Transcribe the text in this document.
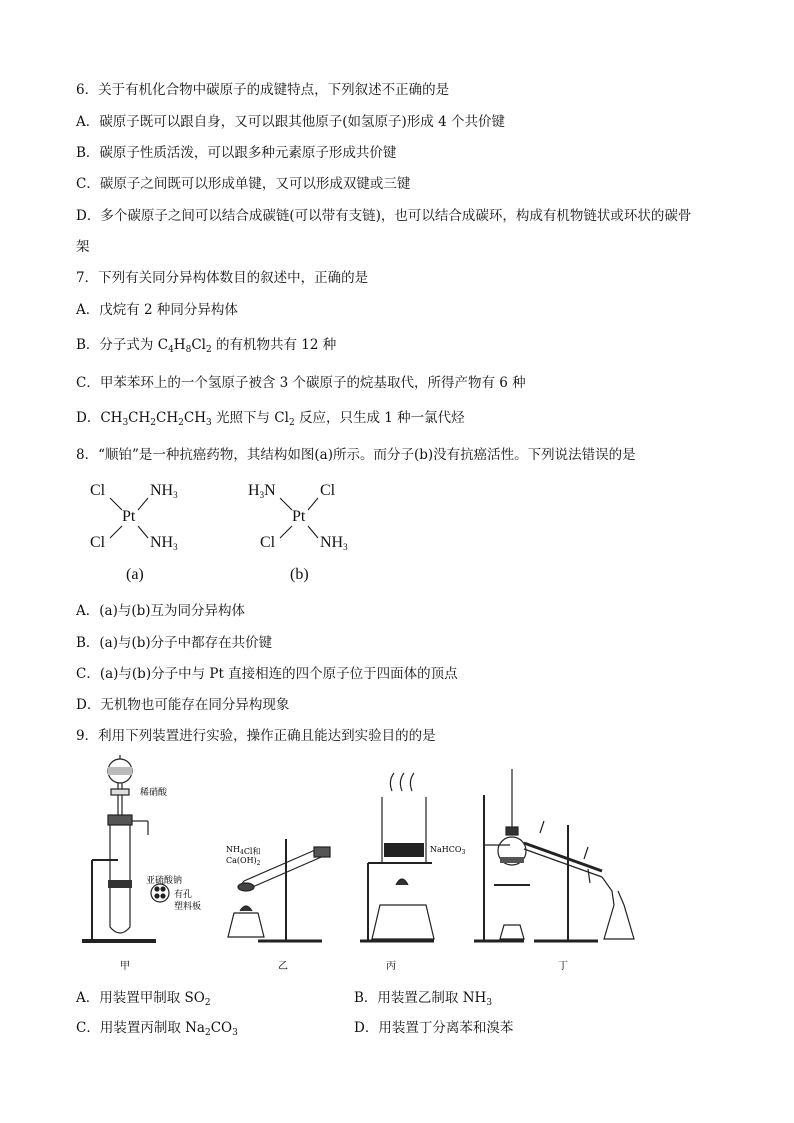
6．关于有机化合物中碳原子的成键特点，下列叙述不正确的是
A．碳原子既可以跟自身，又可以跟其他原子(如氢原子)形成 4 个共价键
B．碳原子性质活泼，可以跟多种元素原子形成共价键
C．碳原子之间既可以形成单键，又可以形成双键或三键
D．多个碳原子之间可以结合成碳链(可以带有支链)，也可以结合成碳环，构成有机物链状或环状的碳骨
架
7．下列有关同分异构体数目的叙述中，正确的是
A．戊烷有 2 种同分异构体
B．分子式为 $C_4H_8Cl_2$ 的有机物共有 12 种
C．甲苯苯环上的一个氢原子被含 3 个碳原子的烷基取代，所得产物有 6 种
D．$CH_3CH_2CH_2CH_3$ 光照下与 $Cl_2$ 反应，只生成 1 种一氯代烃
8．“顺铂”是一种抗癌药物，其结构如图(a)所示。而分子(b)没有抗癌活性。下列说法错误的是
Cl	$NH_3$
Pt
Cl	$NH_3$
(a)
$H_3N$	Cl
Pt
Cl	$NH_3$
(b)
A．(a)与(b)互为同分异构体
B．(a)与(b)分子中都存在共价键
C．(a)与(b)分子中与 Pt 直接相连的四个原子位于四面体的顶点
D．无机物也可能存在同分异构现象
9．利用下列装置进行实验，操作正确且能达到实验目的的是
稀硝酸
亚硫酸钠
有孔
塑料板
$NH_4Cl$和
$Ca(OH)_2$
NaHCO$_3$
甲	乙	丙	丁
A．用装置甲制取 $SO_2$	B．用装置乙制取 $NH_3$
C．用装置丙制取 $Na_2CO_3$	D．用装置丁分离苯和溴苯
